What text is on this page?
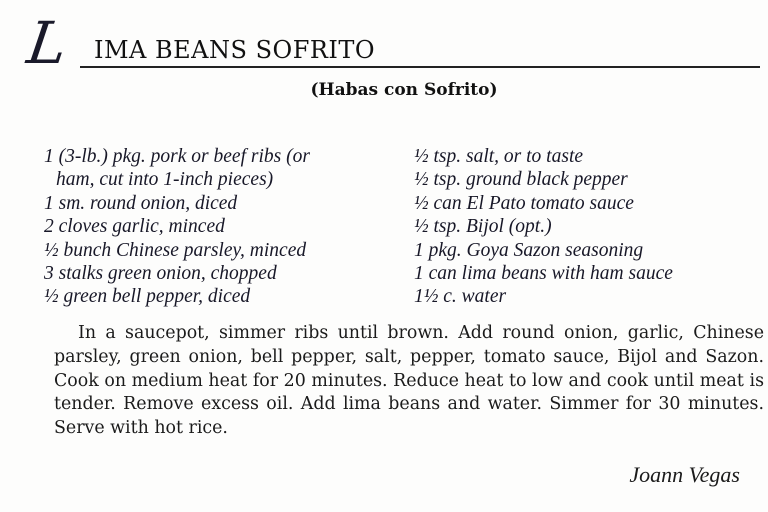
L IMA BEANS SOFRITO
(Habas con Sofrito)
1 (3-lb.) pkg. pork or beef ribs (or
ham, cut into 1-inch pieces)
1 sm. round onion, diced
2 cloves garlic, minced
½ bunch Chinese parsley, minced
3 stalks green onion, chopped
½ green bell pepper, diced
½ tsp. salt, or to taste
½ tsp. ground black pepper
½ can El Pato tomato sauce
½ tsp. Bijol (opt.)
1 pkg. Goya Sazon seasoning
1 can lima beans with ham sauce
1½ c. water

In a saucepot, simmer ribs until brown. Add round onion, garlic, Chinese parsley, green onion, bell pepper, salt, pepper, tomato sauce, Bijol and Sazon. Cook on medium heat for 20 minutes. Reduce heat to low and cook until meat is tender. Remove excess oil. Add lima beans and water. Simmer for 30 minutes. Serve with hot rice.

Joann Vegas
